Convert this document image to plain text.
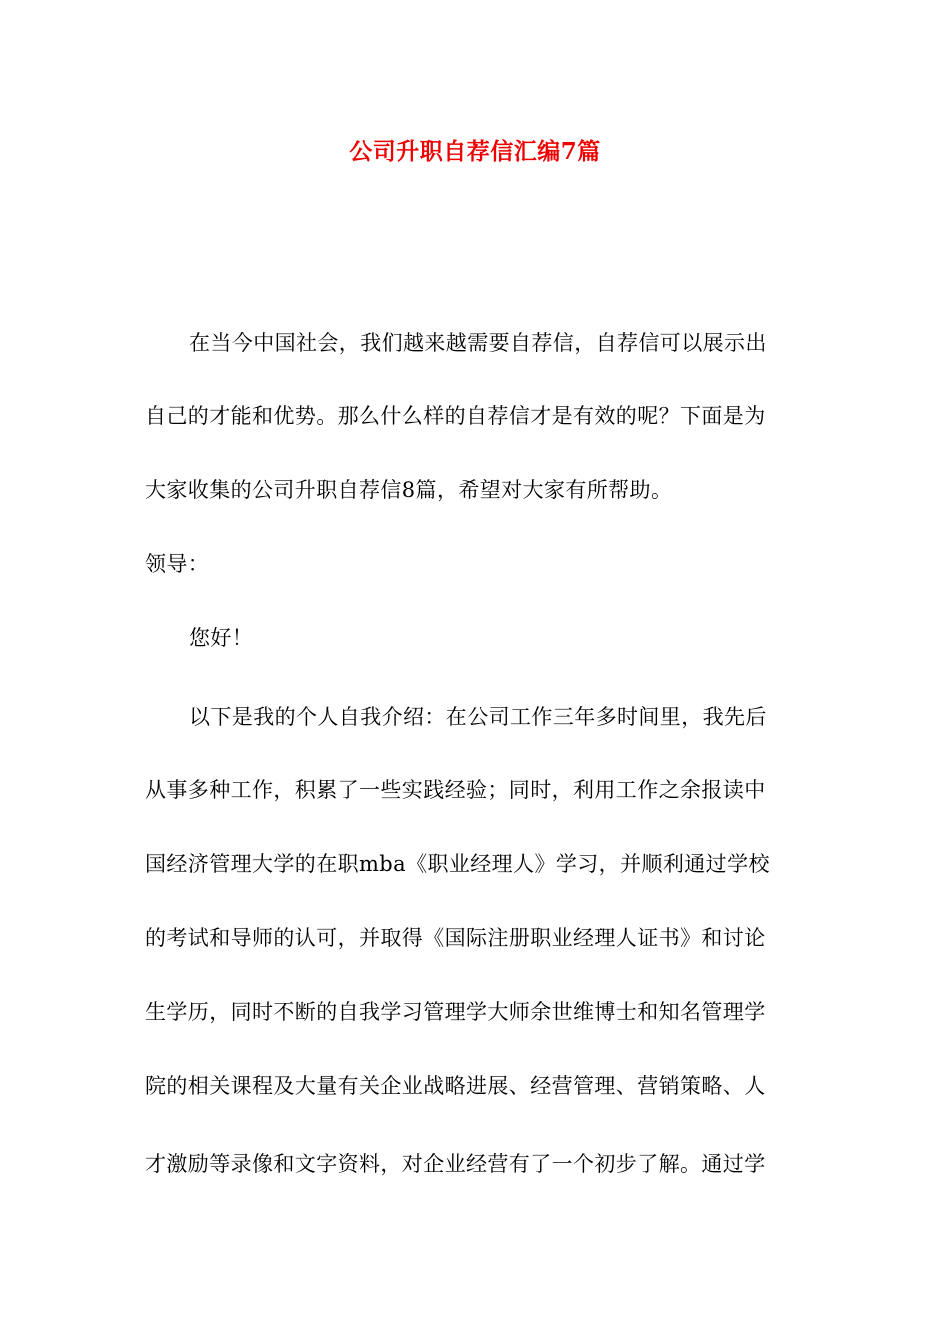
公司升职自荐信汇编7篇
在当今中国社会，我们越来越需要自荐信，自荐信可以展示出
自己的才能和优势。那么什么样的自荐信才是有效的呢？下面是为
大家收集的公司升职自荐信8篇，希望对大家有所帮助。
领导：
您好！
以下是我的个人自我介绍：在公司工作三年多时间里，我先后
从事多种工作，积累了一些实践经验；同时，利用工作之余报读中
国经济管理大学的在职mba《职业经理人》学习，并顺利通过学校
的考试和导师的认可，并取得《国际注册职业经理人证书》和讨论
生学历，同时不断的自我学习管理学大师余世维博士和知名管理学
院的相关课程及大量有关企业战略进展、经营管理、营销策略、人
才激励等录像和文字资料，对企业经营有了一个初步了解。通过学
